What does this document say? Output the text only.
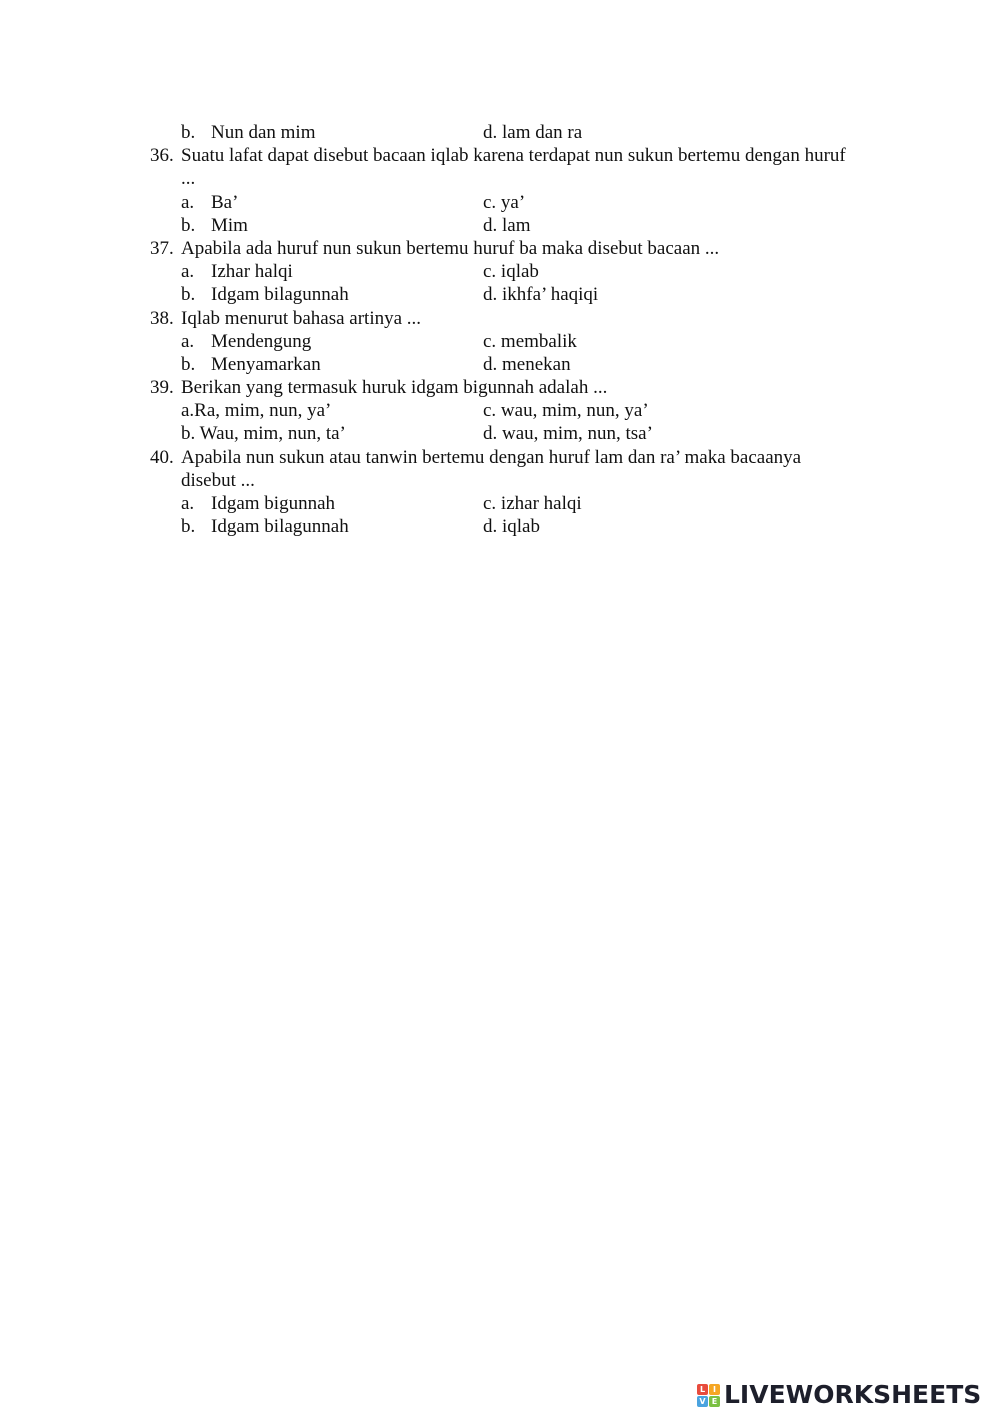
b. Nun dan mim	d. lam dan ra
36. Suatu lafat dapat disebut bacaan iqlab karena terdapat nun sukun bertemu dengan huruf
...
a. Ba’	c. ya’
b. Mim	d. lam
37. Apabila ada huruf nun sukun bertemu huruf ba maka disebut bacaan ...
a. Izhar halqi	c. iqlab
b. Idgam bilagunnah	d. ikhfa’ haqiqi
38. Iqlab menurut bahasa artinya ...
a. Mendengung	c. membalik
b. Menyamarkan	d. menekan
39. Berikan yang termasuk huruk idgam bigunnah adalah ...
a.Ra, mim, nun, ya’	c. wau, mim, nun, ya’
b. Wau, mim, nun, ta’	d. wau, mim, nun, tsa’
40. Apabila nun sukun atau tanwin bertemu dengan huruf lam dan ra’ maka bacaanya
disebut ...
a. Idgam bigunnah	c. izhar halqi
b. Idgam bilagunnah	d. iqlab
L I
V E LIVEWORKSHEETS
